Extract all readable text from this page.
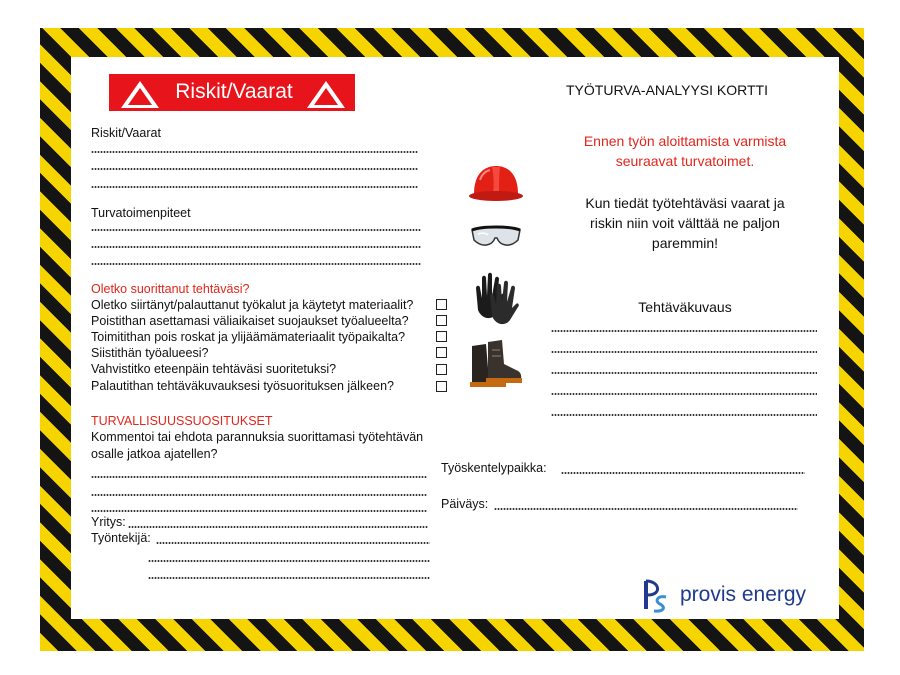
Riskit/Vaarat
Riskit/Vaarat
Turvatoimenpiteet
Oletko suorittanut tehtäväsi?
Oletko siirtänyt/palauttanut työkalut ja käytetyt materiaalit?
Poistithan asettamasi väliaikaiset suojaukset työalueelta?
Toimitithan pois roskat ja ylijäämämateriaalit työpaikalta?
Siistithän työalueesi?
Vahvistitko eteenpäin tehtäväsi suoritetuksi?
Palautithan tehtäväkuvauksesi työsuorituksen jälkeen?
TURVALLISUUSSUOSITUKSET
Kommentoi tai ehdota parannuksia suorittamasi työtehtävän
osalle jatkoa ajatellen?
Yritys:
Työntekijä:
TYÖTURVA-ANALYYSI KORTTI
Ennen työn aloittamista varmista
seuraavat turvatoimet.
Kun tiedät työtehtäväsi vaarat ja
riskin niin voit välttää ne paljon
paremmin!
Tehtäväkuvaus
Työskentelypaikka:
Päiväys:
provis energy
